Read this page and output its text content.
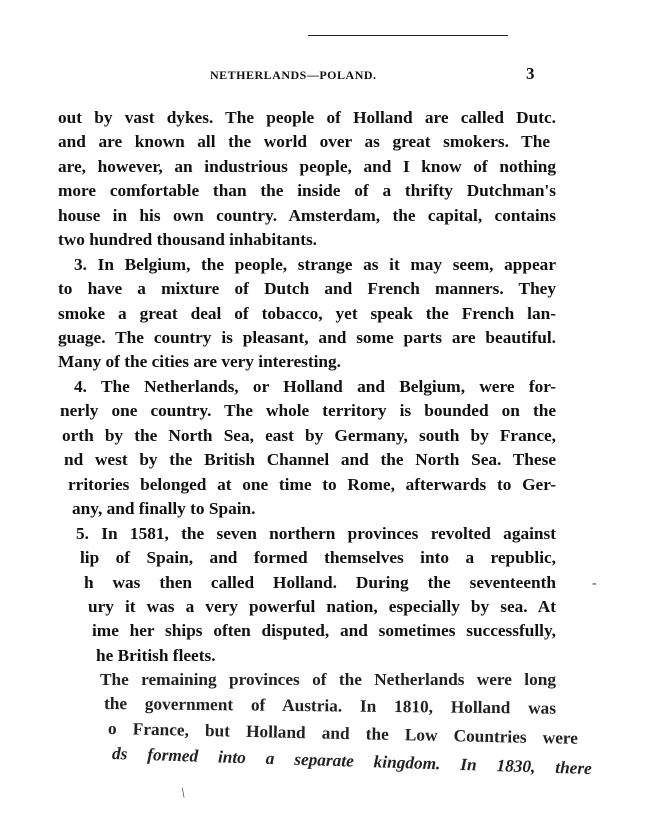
NETHERLANDS—POLAND.	3
out by vast dykes. The people of Holland are called Dutc.
and are known all the world over as great smokers. The
are, however, an industrious people, and I know of nothing
more comfortable than the inside of a thrifty Dutchman's
house in his own country. Amsterdam, the capital, contains
two hundred thousand inhabitants.
3. In Belgium, the people, strange as it may seem, appear
to have a mixture of Dutch and French manners. They
smoke a great deal of tobacco, yet speak the French lan-
guage. The country is pleasant, and some parts are beautiful.
Many of the cities are very interesting.
4. The Netherlands, or Holland and Belgium, were for-
nerly one country. The whole territory is bounded on the
orth by the North Sea, east by Germany, south by France,
nd west by the British Channel and the North Sea. These
rritories belonged at one time to Rome, afterwards to Ger-
any, and finally to Spain.
5. In 1581, the seven northern provinces revolted against
lip of Spain, and formed themselves into a republic,
h was then called Holland. During the seventeenth
ury it was a very powerful nation, especially by sea. At
ime her ships often disputed, and sometimes successfully,
he British fleets.
The remaining provinces of the Netherlands were long
the government of Austria. In 1810, Holland was
o France, but Holland and the Low Countries were
ds formed into a separate kingdom. In 1830, there
-
/
